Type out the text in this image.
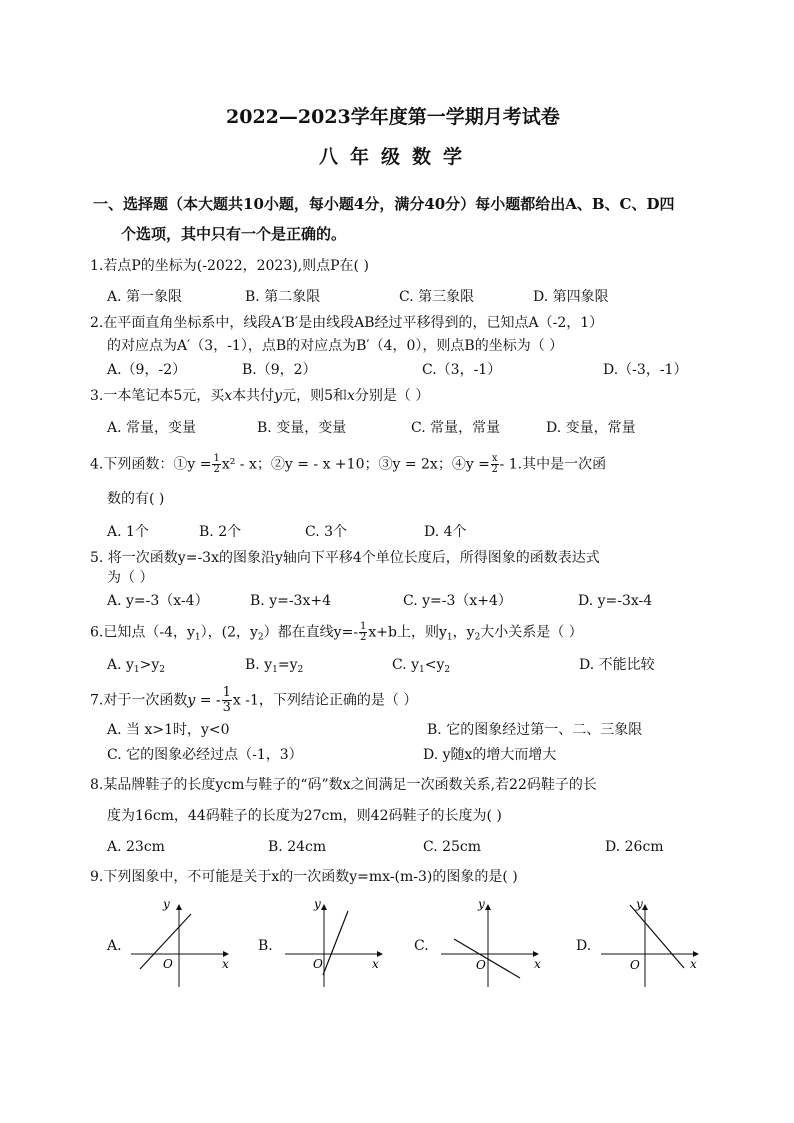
2022—2023学年度第一学期月考试卷
八年级数学
一、选择题（本大题共10小题，每小题4分，满分40分）每小题都给出A、B、C、D四
个选项，其中只有一个是正确的。
1.若点P的坐标为(-2022，2023),则点P在( )
A. 第一象限	B. 第二象限	C. 第三象限	D. 第四象限
2.在平面直角坐标系中，线段A′B′是由线段AB经过平移得到的，已知点A（-2，1）
的对应点为A′（3，-1），点B的对应点为B′（4，0），则点B的坐标为（ ）
A.（9，-2）	B.（9，2）	C.（3，-1）	D.（-3，-1）
3.一本笔记本5元，买x本共付y元，则5和x分别是（ ）
A. 常量，变量	B. 变量，变量	C. 常量，常量	D. 变量，常量
4.下列函数：①y = $\frac{1}{2} x^2$ - x；②y = - x +10；③y = 2x；④y = $\frac{x}{2} - 1$.其中是一次函
数的有( )
A. 1个	B. 2个	C. 3个	D. 4个
5. 将一次函数y=-3x的图象沿y轴向下平移4个单位长度后，所得图象的函数表达式
为（ ）
A. y=-3（x-4）	B. y=-3x+4	C. y=-3（x+4）	D. y=-3x-4
6.已知点（-4，$y_1$），(2，$y_2$）都在直线$y=- \frac{1}{2} x+b$上，则$y_1$，$y_2$大小关系是（ ）
A. $y_1>y_2$	B. $y_1=y_2$	C. $y_1<y_2$	D. 不能比较
7.对于一次函数y = - $\frac{1}{3}$ x -1，下列结论正确的是（ ）
A. 当 x>1时，y<0	B. 它的图象经过第一、二、三象限
C. 它的图象必经过点（-1，3）	D. y随x的增大而增大
8.某品牌鞋子的长度ycm与鞋子的“码”数x之间满足一次函数关系,若22码鞋子的长
度为16cm，44码鞋子的长度为27cm，则42码鞋子的长度为( )
A. 23cm	B. 24cm	C. 25cm	D. 26cm
9.下列图象中，不可能是关于x的一次函数y=mx-(m-3)的图象的是( )
A.
y
x
O
B.
y
x
O
C.
y
x
O
D.
y
x
O
